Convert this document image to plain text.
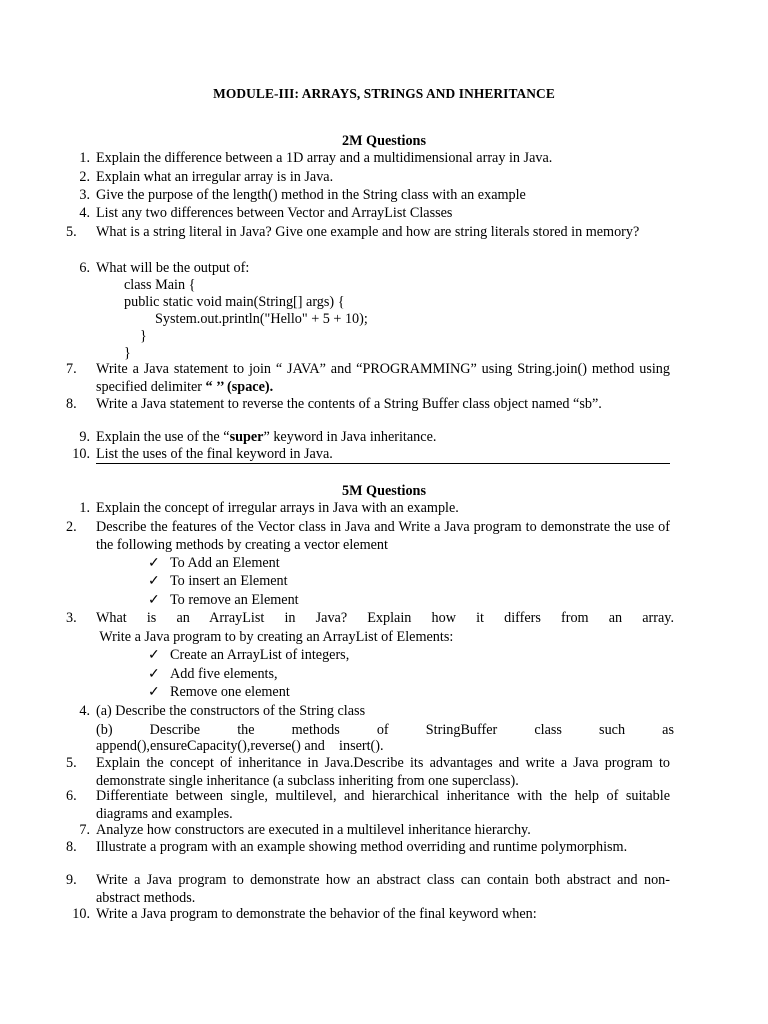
MODULE-III: ARRAYS, STRINGS AND INHERITANCE
2M Questions
1. Explain the difference between a 1D array and a multidimensional array in Java.
2. Explain what an irregular array is in Java.
3. Give the purpose of the length() method in the String class with an example
4. List any two differences between Vector and ArrayList Classes
5.	What is a string literal in Java? Give one example and how are string literals stored in memory?
6. What will be the output of:
class Main {
public static void main(String[] args) {
System.out.println("Hello" + 5 + 10);
}
}
7.	Write a Java statement to join “ JAVA” and “PROGRAMMING” using String.join() method using specified delimiter “ ’’ (space).
8.	Write a Java statement to reverse the contents of a String Buffer class object named “sb”.
9. Explain the use of the “super” keyword in Java inheritance.
10. List the uses of the final keyword in Java.
5M Questions
1. Explain the concept of irregular arrays in Java with an example.
2.	Describe the features of the Vector class in Java and Write a Java program to demonstrate the use of the following methods by creating a vector element
✓ To Add an Element
✓ To insert an Element
✓ To remove an Element
3.	What is an ArrayList in Java? Explain how it differs from an array.
Write a Java program to by creating an ArrayList of Elements:
✓ Create an ArrayList of integers,
✓ Add five elements,
✓ Remove one element
4. (a) Describe the constructors of the String class
(b) Describe the methods of StringBuffer class such as
append(),ensureCapacity(),reverse() and    insert().
5.	Explain the concept of inheritance in Java.Describe its advantages and write a Java program to demonstrate single inheritance (a subclass inheriting from one superclass).
6.	Differentiate between single, multilevel, and hierarchical inheritance with the help of suitable diagrams and examples.
7. Analyze how constructors are executed in a multilevel inheritance hierarchy.
8.	Illustrate a program with an example showing method overriding and runtime polymorphism.
9.	Write a Java program to demonstrate how an abstract class can contain both abstract and non-abstract methods.
10. Write a Java program to demonstrate the behavior of the final keyword when:
